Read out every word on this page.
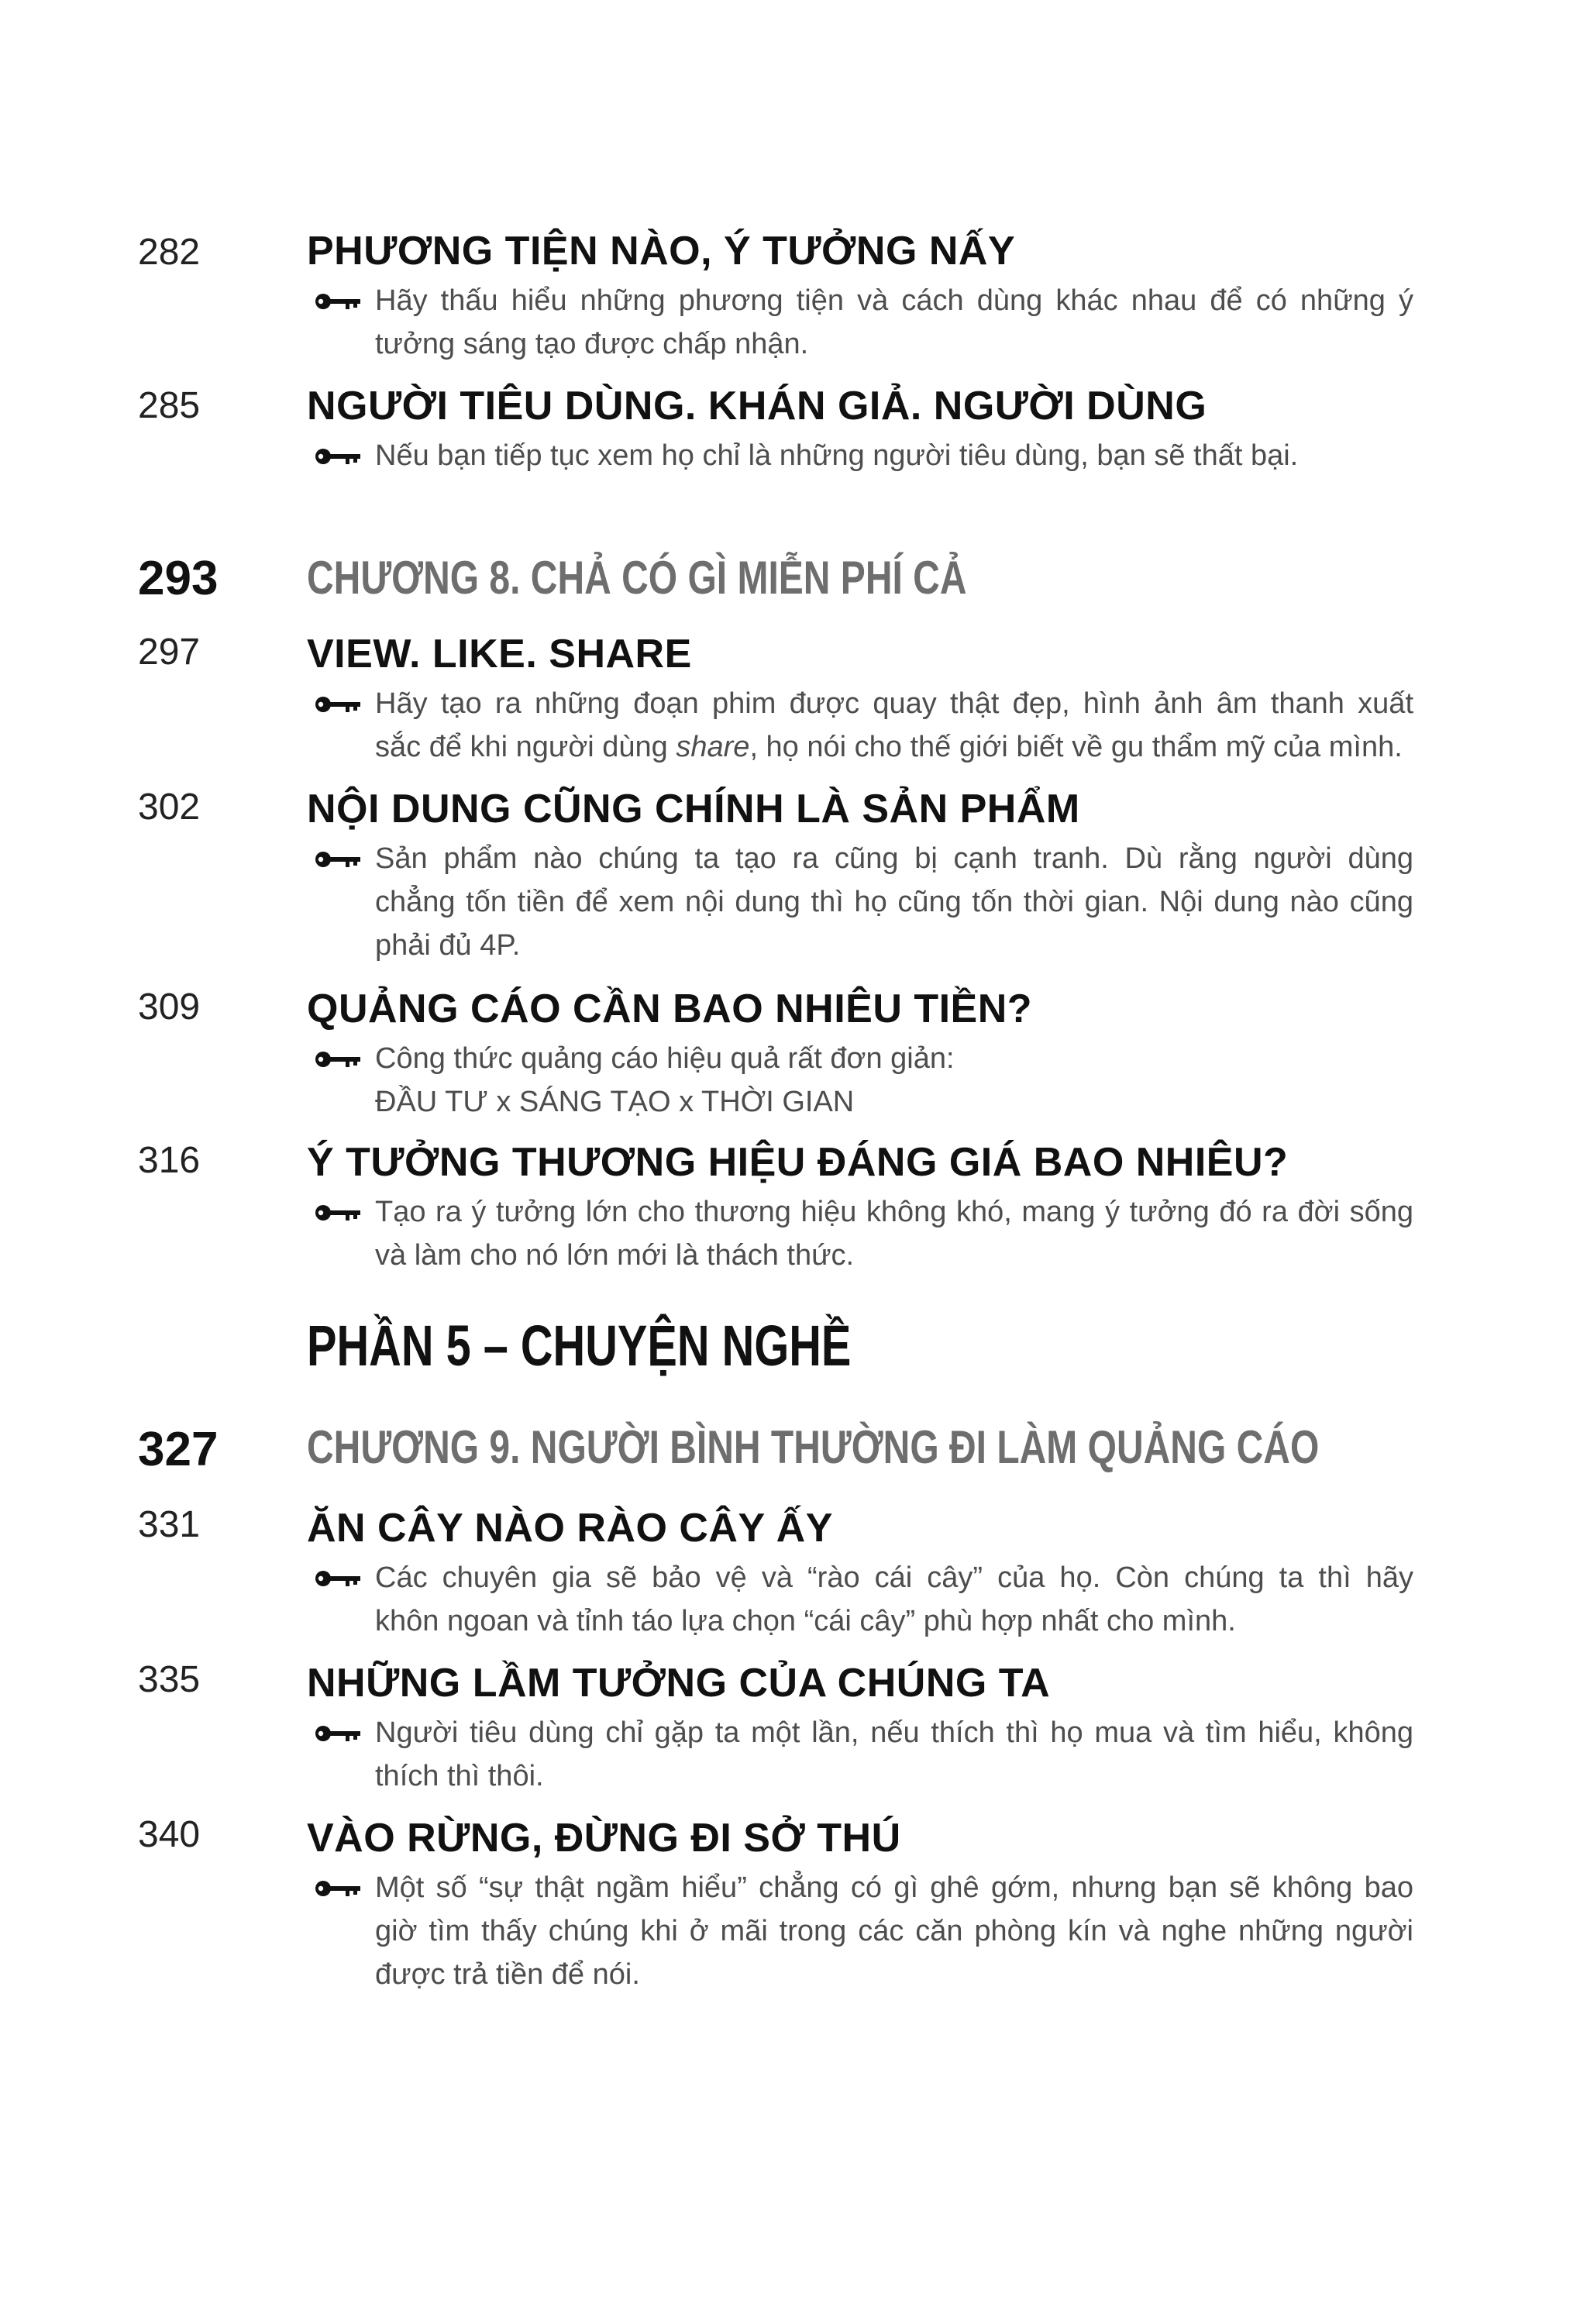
282	PHƯƠNG TIỆN NÀO, Ý TƯỞNG NẤY
Hãy thấu hiểu những phương tiện và cách dùng khác nhau để có những ý
tưởng sáng tạo được chấp nhận.
285	NGƯỜI TIÊU DÙNG. KHÁN GIẢ. NGƯỜI DÙNG
Nếu bạn tiếp tục xem họ chỉ là những người tiêu dùng, bạn sẽ thất bại.
293 CHƯƠNG 8. CHẢ CÓ GÌ MIỄN PHÍ CẢ
297	VIEW. LIKE. SHARE
Hãy tạo ra những đoạn phim được quay thật đẹp, hình ảnh âm thanh xuất
sắc để khi người dùng share, họ nói cho thế giới biết về gu thẩm mỹ của mình.
302	NỘI DUNG CŨNG CHÍNH LÀ SẢN PHẨM
Sản phẩm nào chúng ta tạo ra cũng bị cạnh tranh. Dù rằng người dùng
chẳng tốn tiền để xem nội dung thì họ cũng tốn thời gian. Nội dung nào cũng
phải đủ 4P.
309	QUẢNG CÁO CẦN BAO NHIÊU TIỀN?
Công thức quảng cáo hiệu quả rất đơn giản:
ĐẦU TƯ x SÁNG TẠO x THỜI GIAN
316	Ý TƯỞNG THƯƠNG HIỆU ĐÁNG GIÁ BAO NHIÊU?
Tạo ra ý tưởng lớn cho thương hiệu không khó, mang ý tưởng đó ra đời sống
và làm cho nó lớn mới là thách thức.
PHẦN 5 – CHUYỆN NGHỀ
327 CHƯƠNG 9. NGƯỜI BÌNH THƯỜNG ĐI LÀM QUẢNG CÁO
331	ĂN CÂY NÀO RÀO CÂY ẤY
Các chuyên gia sẽ bảo vệ và “rào cái cây” của họ. Còn chúng ta thì hãy
khôn ngoan và tỉnh táo lựa chọn “cái cây” phù hợp nhất cho mình.
335	NHỮNG LẦM TƯỞNG CỦA CHÚNG TA
Người tiêu dùng chỉ gặp ta một lần, nếu thích thì họ mua và tìm hiểu, không
thích thì thôi.
340	VÀO RỪNG, ĐỪNG ĐI SỞ THÚ
Một số “sự thật ngầm hiểu” chẳng có gì ghê gớm, nhưng bạn sẽ không bao
giờ tìm thấy chúng khi ở mãi trong các căn phòng kín và nghe những người
được trả tiền để nói.
